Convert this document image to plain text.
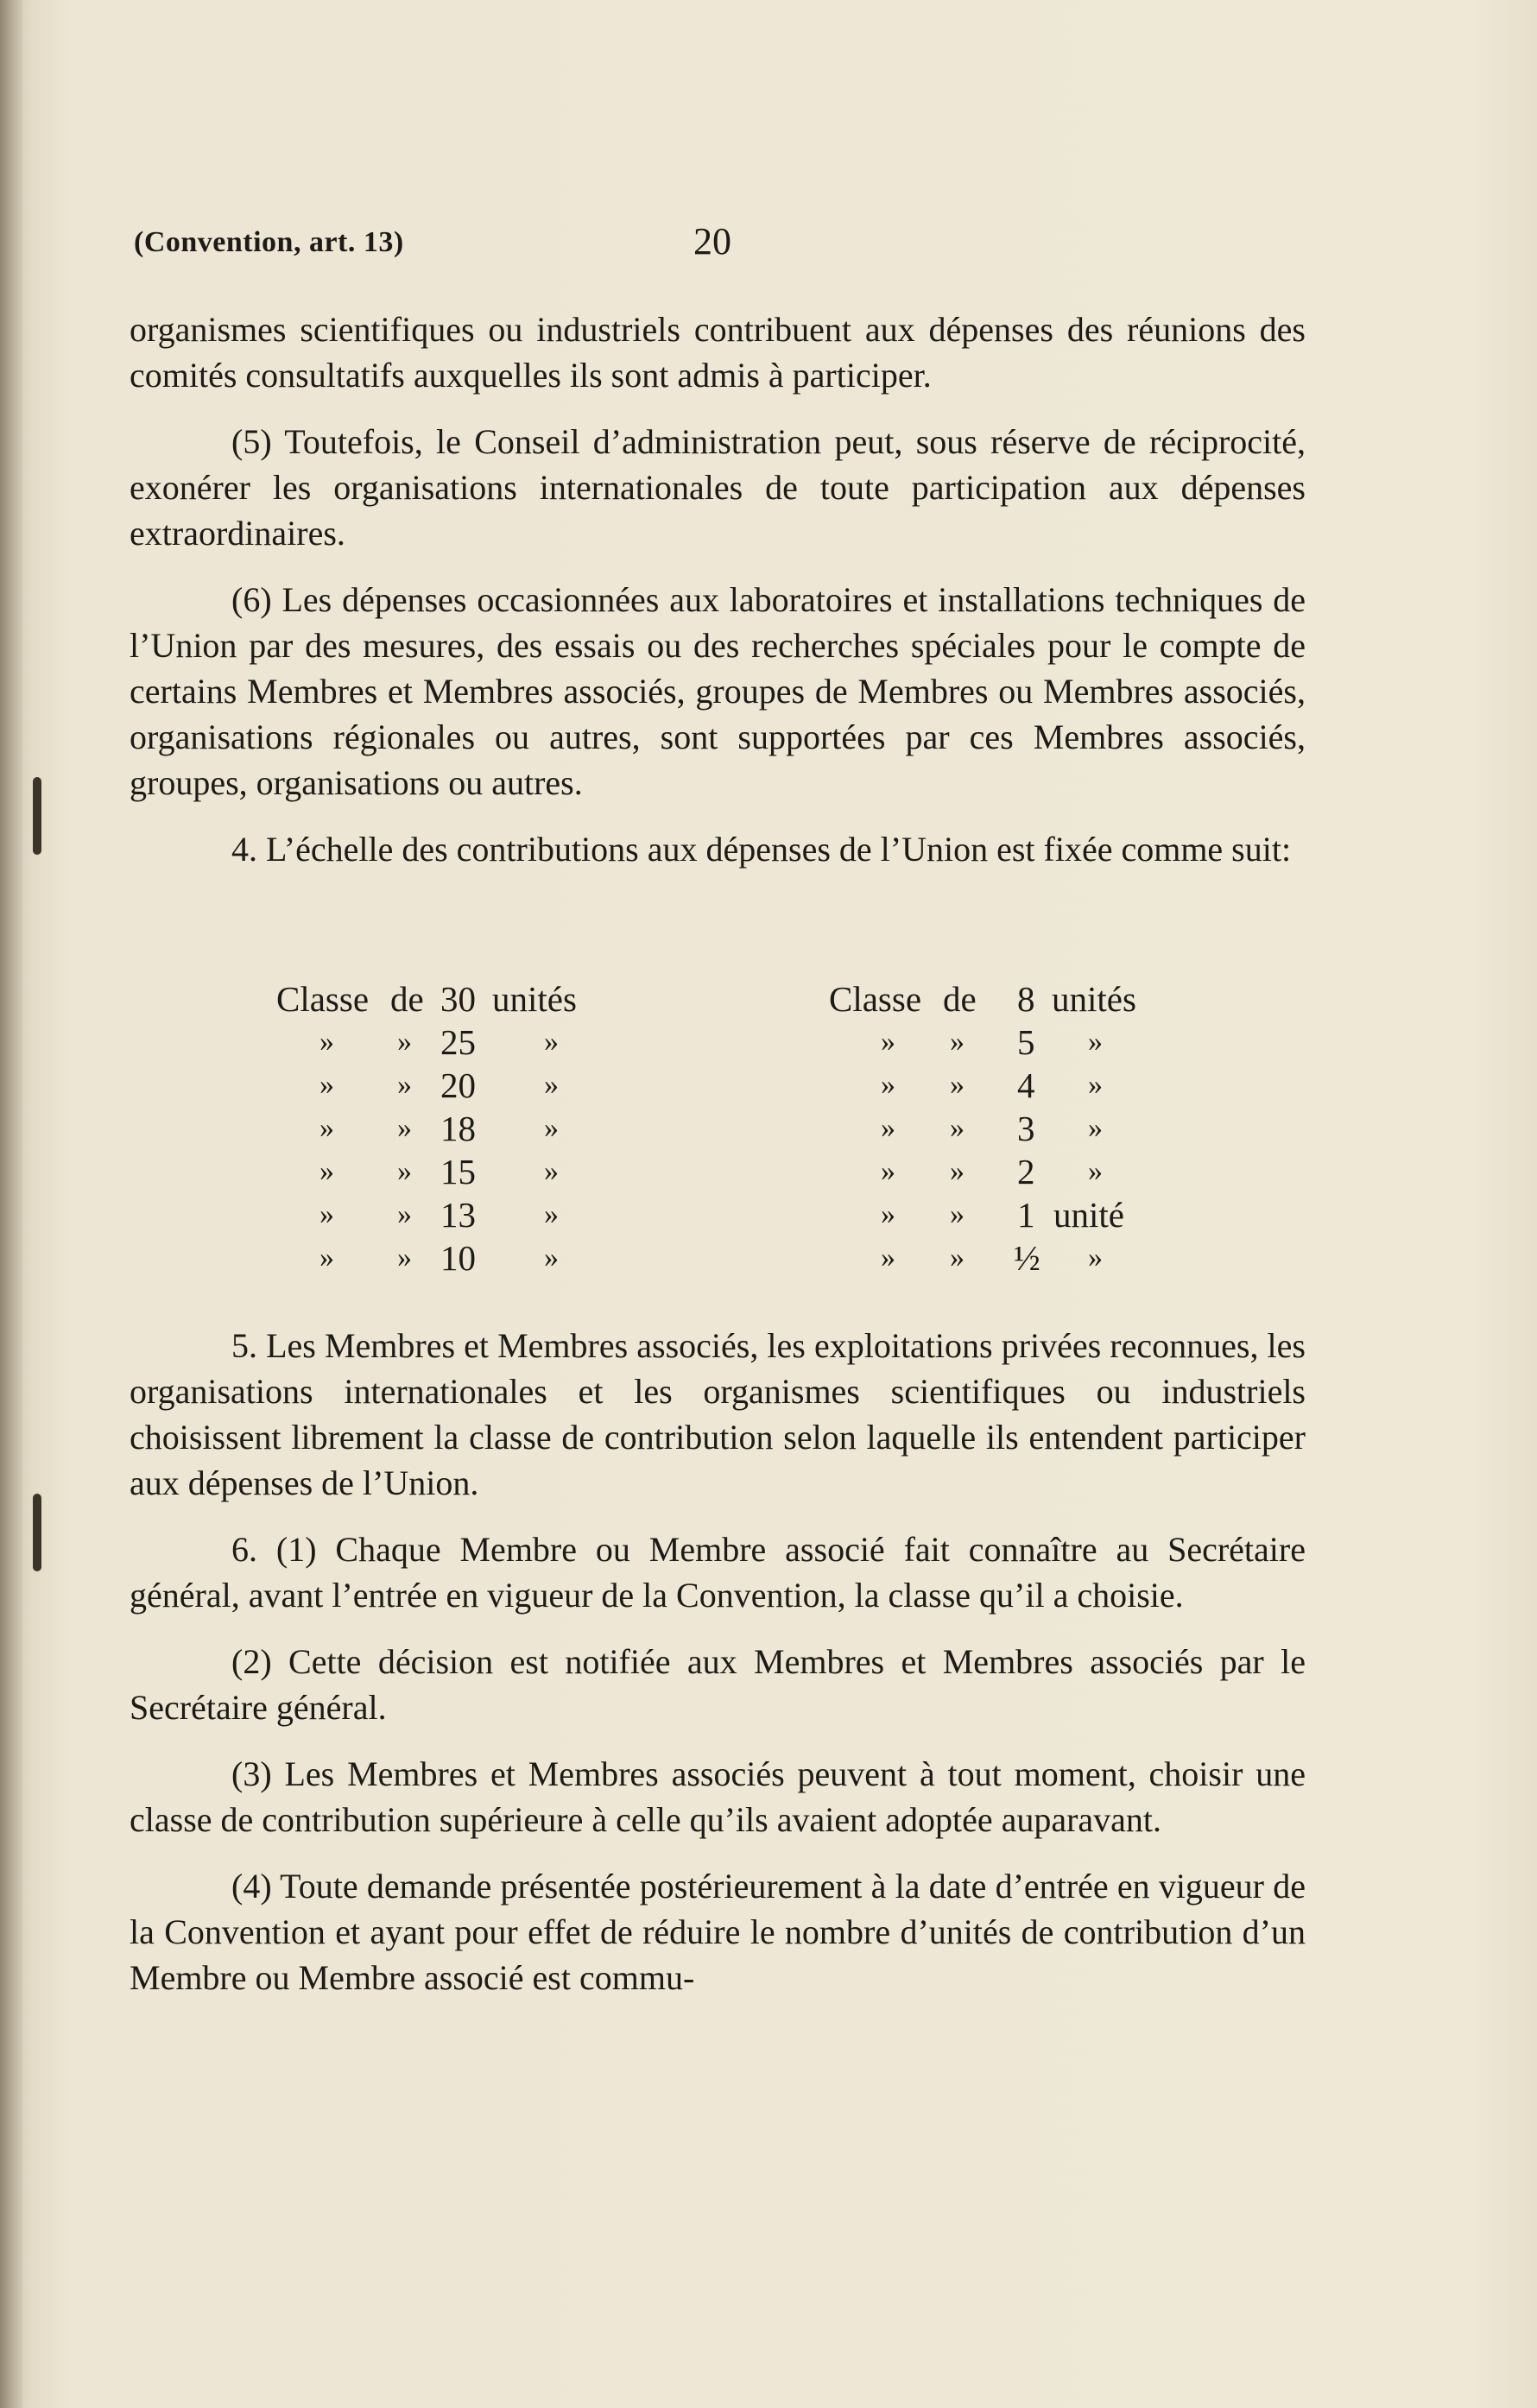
(Convention, art. 13)	20

organismes scientifiques ou industriels contribuent aux dépenses des réunions des comités consultatifs auxquelles ils sont admis à participer.

(5) Toutefois, le Conseil d’administration peut, sous réserve de réciprocité, exonérer les organisations internationales de toute participation aux dépenses extraordinaires.

(6) Les dépenses occasionnées aux laboratoires et installations techniques de l’Union par des mesures, des essais ou des recherches spéciales pour le compte de certains Membres et Membres associés, groupes de Membres ou Membres associés, organisations régionales ou autres, sont supportées par ces Membres associés, groupes, organisations ou autres.

4. L’échelle des contributions aux dépenses de l’Union est fixée comme suit:

Classe de 30 unités
» » 25 »
» » 20 »
» » 18 »
» » 15 »
» » 13 »
» » 10 »
Classe de 8 unités
» » 5 »
» » 4 »
» » 3 »
» » 2 »
» » 1 unité
» » ½ »

5. Les Membres et Membres associés, les exploitations privées reconnues, les organisations internationales et les organismes scientifiques ou industriels choisissent librement la classe de contribution selon laquelle ils entendent participer aux dépenses de l’Union.

6. (1) Chaque Membre ou Membre associé fait connaître au Secrétaire général, avant l’entrée en vigueur de la Convention, la classe qu’il a choisie.

(2) Cette décision est notifiée aux Membres et Membres associés par le Secrétaire général.

(3) Les Membres et Membres associés peuvent à tout moment, choisir une classe de contribution supérieure à celle qu’ils avaient adoptée auparavant.

(4) Toute demande présentée postérieurement à la date d’entrée en vigueur de la Convention et ayant pour effet de réduire le nombre d’unités de contribution d’un Membre ou Membre associé est commu-
